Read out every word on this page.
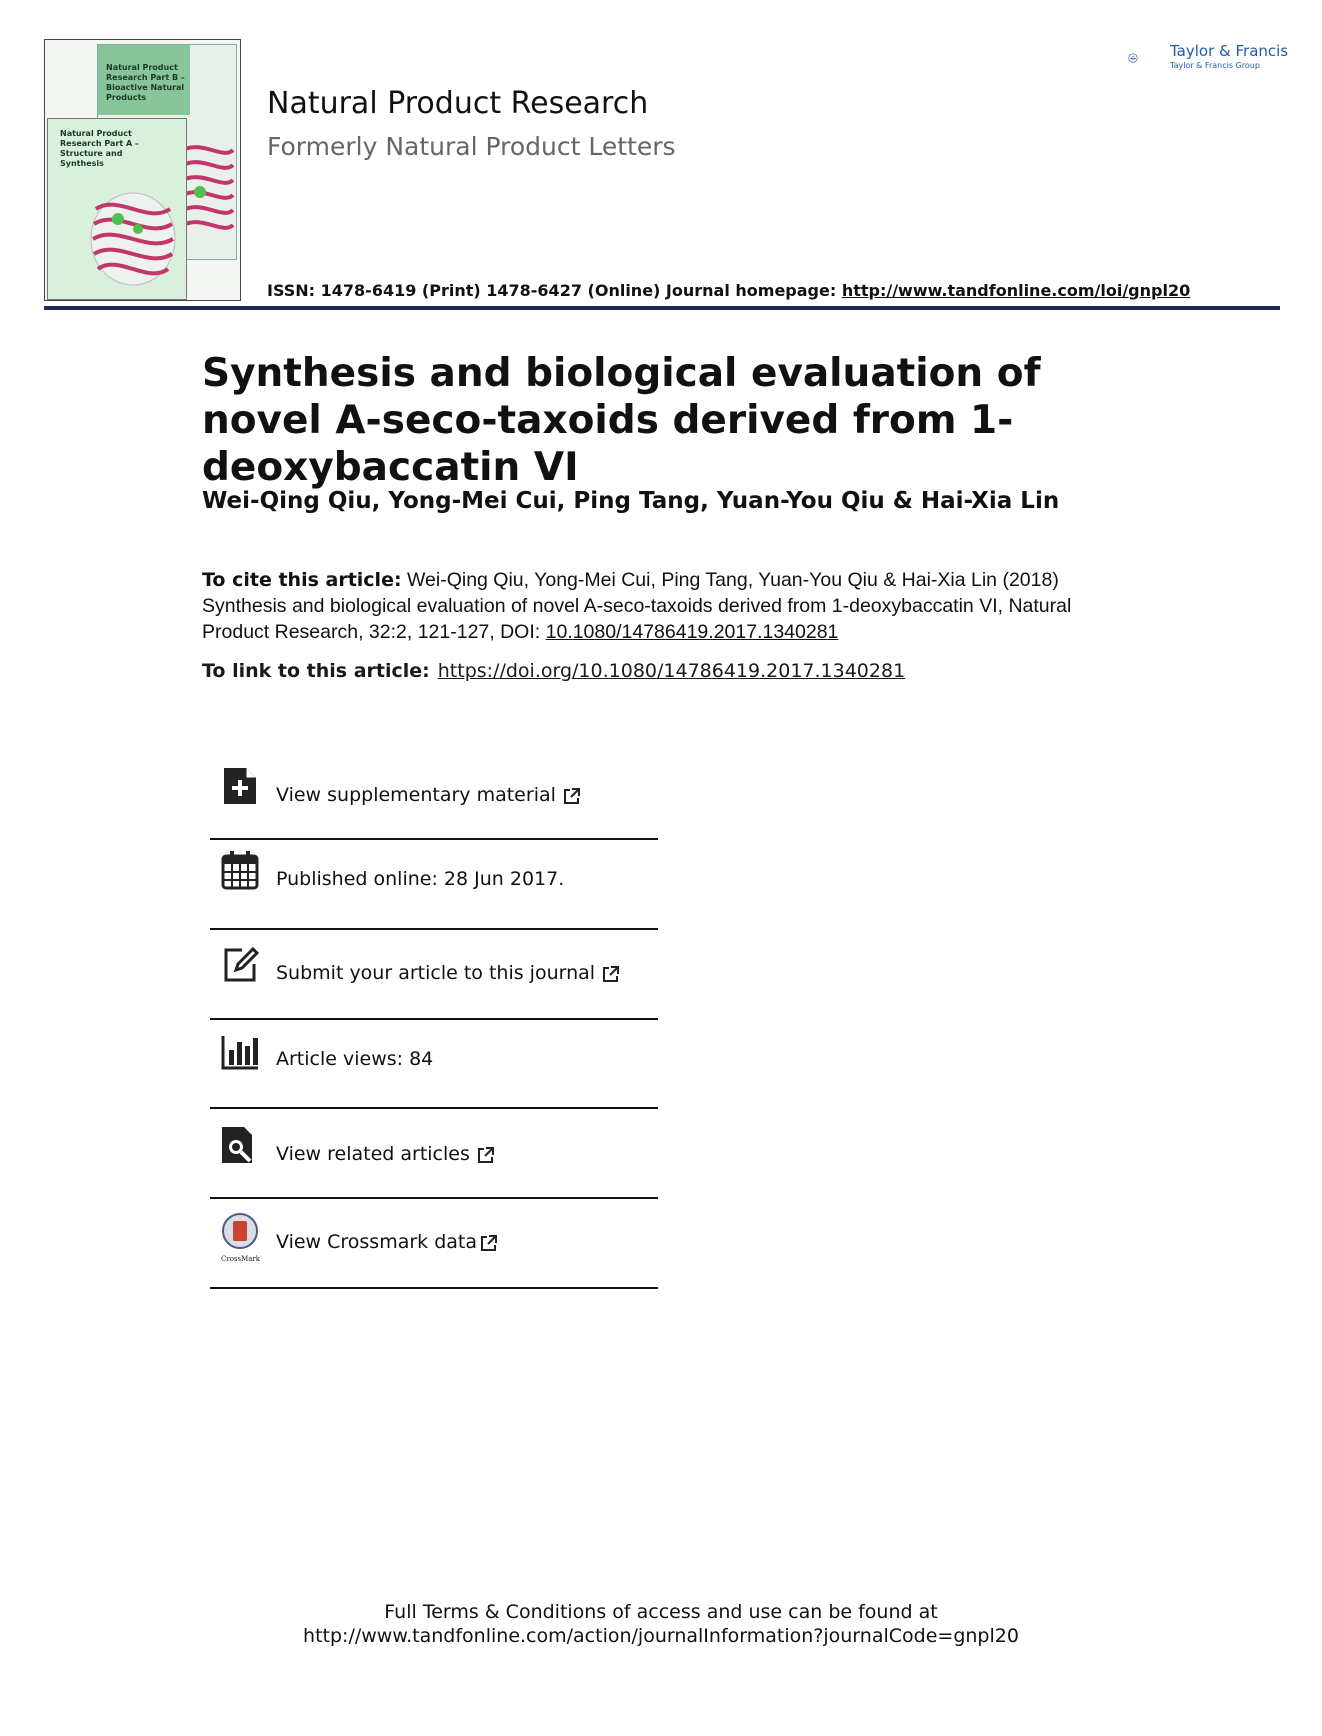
Natural Product Research Part B – Bioactive Natural Products
Natural Product Research Part A – Structure and Synthesis
Natural Product Research
Formerly Natural Product Letters
ISSN: 1478-6419 (Print) 1478-6427 (Online) Journal homepage: http://www.tandfonline.com/loi/gnpl20
Taylor & Francis
Taylor & Francis Group
Synthesis and biological evaluation of novel A-seco-taxoids derived from 1-deoxybaccatin VI
Wei-Qing Qiu, Yong-Mei Cui, Ping Tang, Yuan-You Qiu & Hai-Xia Lin
To cite this article: Wei-Qing Qiu, Yong-Mei Cui, Ping Tang, Yuan-You Qiu & Hai-Xia Lin (2018) Synthesis and biological evaluation of novel A-seco-taxoids derived from 1-deoxybaccatin VI, Natural Product Research, 32:2, 121-127, DOI: 10.1080/14786419.2017.1340281
To link to this article: https://doi.org/10.1080/14786419.2017.1340281
View supplementary material
Published online: 28 Jun 2017.
Submit your article to this journal
Article views: 84
View related articles
CrossMark
View Crossmark data
Full Terms & Conditions of access and use can be found at
http://www.tandfonline.com/action/journalInformation?journalCode=gnpl20
